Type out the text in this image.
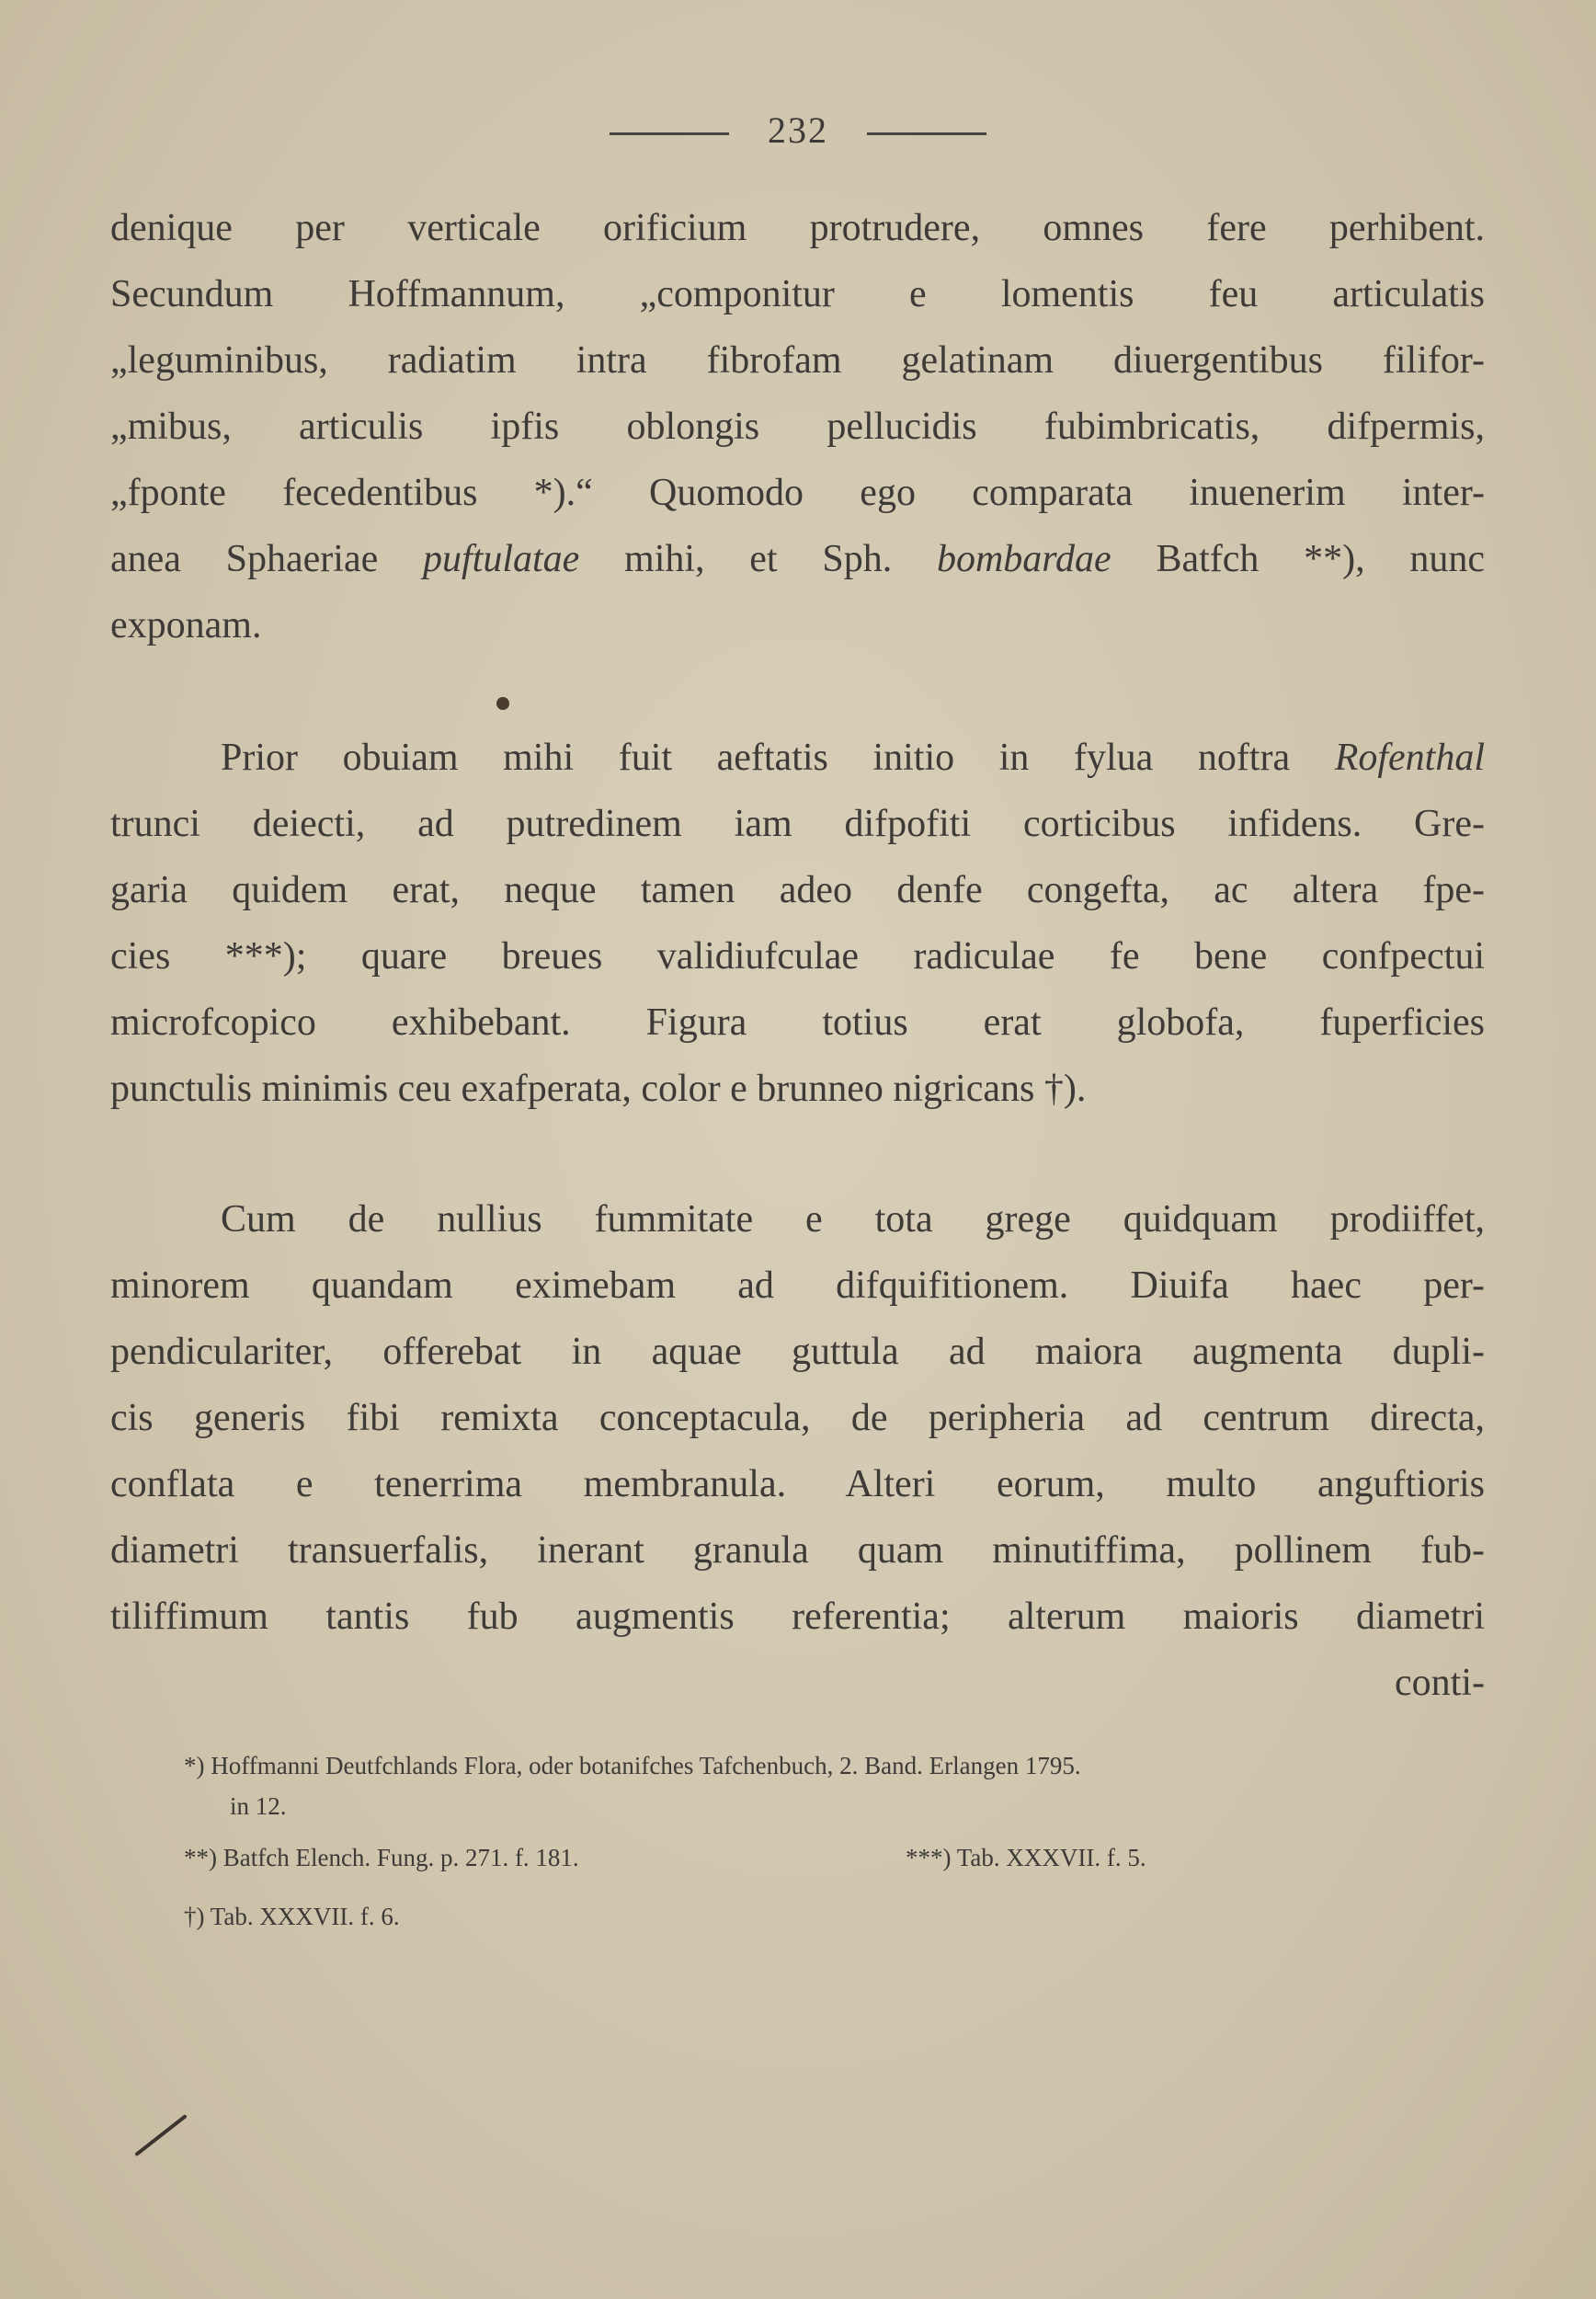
232
denique per verticale orificium protrudere, omnes fere perhibent.
Secundum Hoffmannum, „componitur e lomentis feu articulatis
„leguminibus, radiatim intra fibrofam gelatinam diuergentibus filifor-
„mibus, articulis ipfis oblongis pellucidis fubimbricatis, difpermis,
„fponte fecedentibus *).“ Quomodo ego comparata inuenerim inter-
anea Sphaeriae puftulatae mihi, et Sph. bombardae Batfch **), nunc
exponam.
Prior obuiam mihi fuit aeftatis initio in fylua noftra Rofenthal
trunci deiecti, ad putredinem iam difpofiti corticibus infidens. Gre-
garia quidem erat, neque tamen adeo denfe congefta, ac altera fpe-
cies ***); quare breues validiufculae radiculae fe bene confpectui
microfcopico exhibebant. Figura totius erat globofa, fuperficies
punctulis minimis ceu exafperata, color e brunneo nigricans †).
Cum de nullius fummitate e tota grege quidquam prodiiffet,
minorem quandam eximebam ad difquifitionem. Diuifa haec per-
pendiculariter, offerebat in aquae guttula ad maiora augmenta dupli-
cis generis fibi remixta conceptacula, de peripheria ad centrum directa,
conflata e tenerrima membranula. Alteri eorum, multo anguftioris
diametri transuerfalis, inerant granula quam minutiffima, pollinem fub-
tiliffimum tantis fub augmentis referentia; alterum maioris diametri
conti-
*) Hoffmanni Deutfchlands Flora, oder botanifches Tafchenbuch, 2. Band. Erlangen 1795.
in 12.
**) Batfch Elench. Fung. p. 271. f. 181.	***) Tab. XXXVII. f. 5.
†) Tab. XXXVII. f. 6.
